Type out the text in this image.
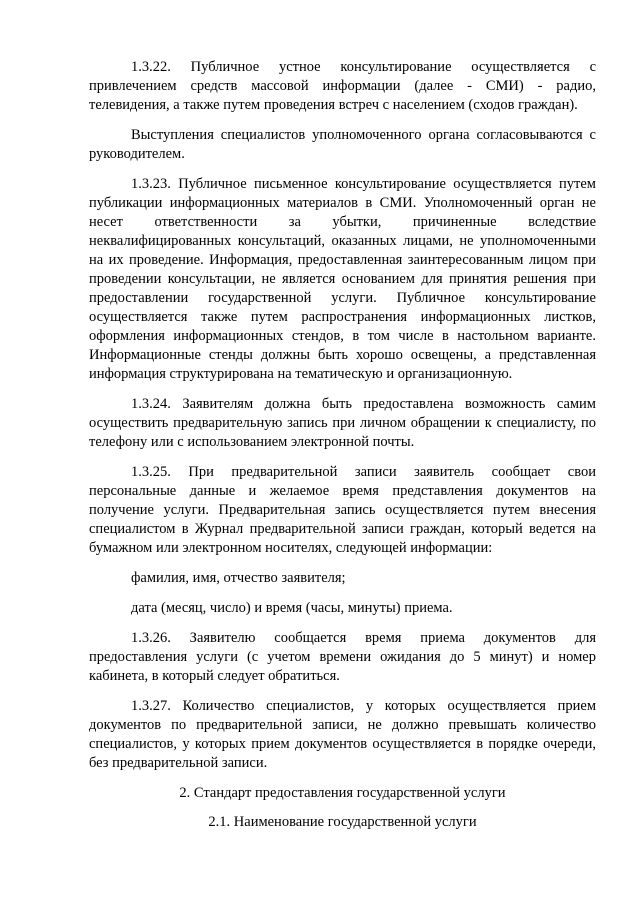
1.3.22. Публичное устное консультирование осуществляется с привлечением средств массовой информации (далее - СМИ) - радио, телевидения, а также путем проведения встреч с населением (сходов граждан).

Выступления специалистов уполномоченного органа согласовываются с руководителем.

1.3.23. Публичное письменное консультирование осуществляется путем публикации информационных материалов в СМИ. Уполномоченный орган не несет ответственности за убытки, причиненные вследствие неквалифицированных консультаций, оказанных лицами, не уполномоченными на их проведение. Информация, предоставленная заинтересованным лицом при проведении консультации, не является основанием для принятия решения при предоставлении государственной услуги. Публичное консультирование осуществляется также путем распространения информационных листков, оформления информационных стендов, в том числе в настольном варианте. Информационные стенды должны быть хорошо освещены, а представленная информация структурирована на тематическую и организационную.

1.3.24. Заявителям должна быть предоставлена возможность самим осуществить предварительную запись при личном обращении к специалисту, по телефону или с использованием электронной почты.

1.3.25. При предварительной записи заявитель сообщает свои персональные данные и желаемое время представления документов на получение услуги. Предварительная запись осуществляется путем внесения специалистом в Журнал предварительной записи граждан, который ведется на бумажном или электронном носителях, следующей информации:

фамилия, имя, отчество заявителя;

дата (месяц, число) и время (часы, минуты) приема.

1.3.26. Заявителю сообщается время приема документов для предоставления услуги (с учетом времени ожидания до 5 минут) и номер кабинета, в который следует обратиться.

1.3.27. Количество специалистов, у которых осуществляется прием документов по предварительной записи, не должно превышать количество специалистов, у которых прием документов осуществляется в порядке очереди, без предварительной записи.

2. Стандарт предоставления государственной услуги

2.1. Наименование государственной услуги
